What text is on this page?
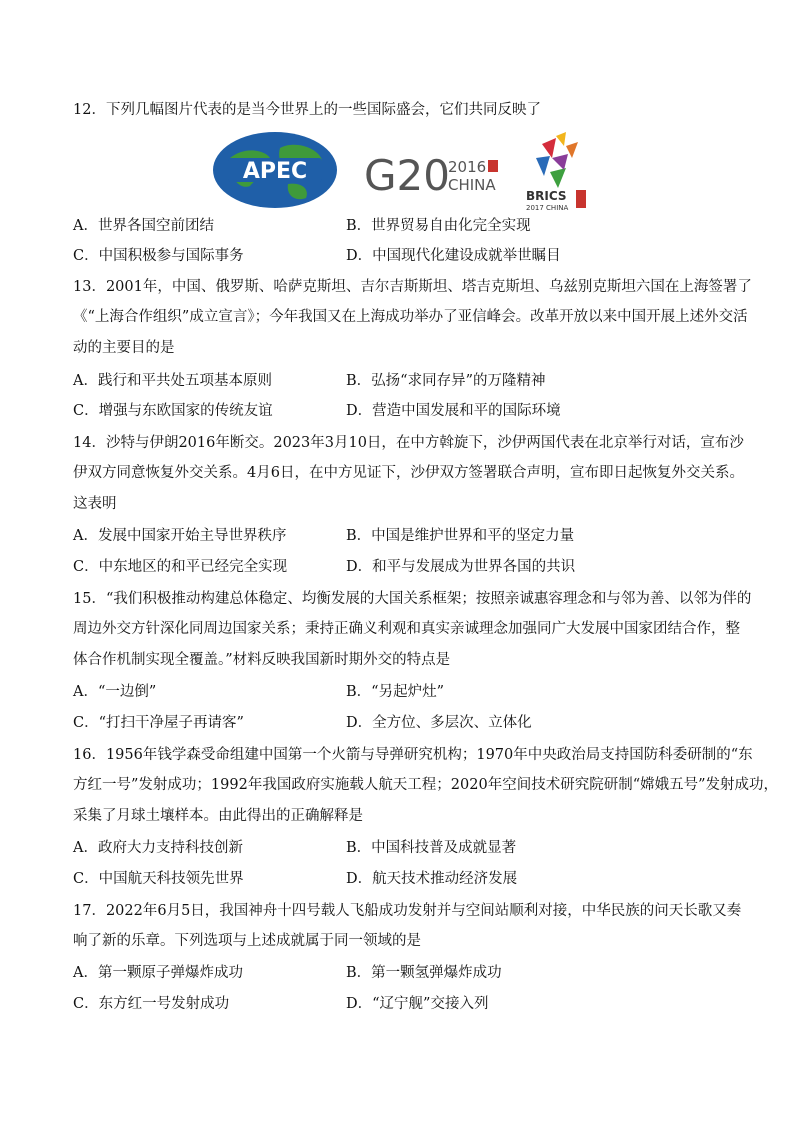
12．下列几幅图片代表的是当今世界上的一些国际盛会，它们共同反映了
APEC G20
2016
CHINA
BRICS
2017 CHINA
A．世界各国空前团结	B．世界贸易自由化完全实现
C．中国积极参与国际事务	D．中国现代化建设成就举世瞩目
13．2001年，中国、俄罗斯、哈萨克斯坦、吉尔吉斯斯坦、塔吉克斯坦、乌兹别克斯坦六国在上海签署了
《“上海合作组织”成立宣言》；今年我国又在上海成功举办了亚信峰会。改革开放以来中国开展上述外交活
动的主要目的是
A．践行和平共处五项基本原则	B．弘扬“求同存异”的万隆精神
C．增强与东欧国家的传统友谊	D．营造中国发展和平的国际环境
14．沙特与伊朗2016年断交。2023年3月10日，在中方斡旋下，沙伊两国代表在北京举行对话，宣布沙
伊双方同意恢复外交关系。4月6日，在中方见证下，沙伊双方签署联合声明，宣布即日起恢复外交关系。
这表明
A．发展中国家开始主导世界秩序	B．中国是维护世界和平的坚定力量
C．中东地区的和平已经完全实现	D．和平与发展成为世界各国的共识
15．“我们积极推动构建总体稳定、均衡发展的大国关系框架；按照亲诚惠容理念和与邻为善、以邻为伴的
周边外交方针深化同周边国家关系；秉持正确义利观和真实亲诚理念加强同广大发展中国家团结合作，整
体合作机制实现全覆盖。”材料反映我国新时期外交的特点是
A．“一边倒”	B．“另起炉灶”
C．“打扫干净屋子再请客”	D．全方位、多层次、立体化
16．1956年钱学森受命组建中国第一个火箭与导弹研究机构；1970年中央政治局支持国防科委研制的“东
方红一号”发射成功；1992年我国政府实施载人航天工程；2020年空间技术研究院研制“嫦娥五号”发射成功，
采集了月球土壤样本。由此得出的正确解释是
A．政府大力支持科技创新	B．中国科技普及成就显著
C．中国航天科技领先世界	D．航天技术推动经济发展
17．2022年6月5日，我国神舟十四号载人飞船成功发射并与空间站顺利对接，中华民族的问天长歌又奏
响了新的乐章。下列选项与上述成就属于同一领域的是
A．第一颗原子弹爆炸成功	B．第一颗氢弹爆炸成功
C．东方红一号发射成功	D．“辽宁舰”交接入列
